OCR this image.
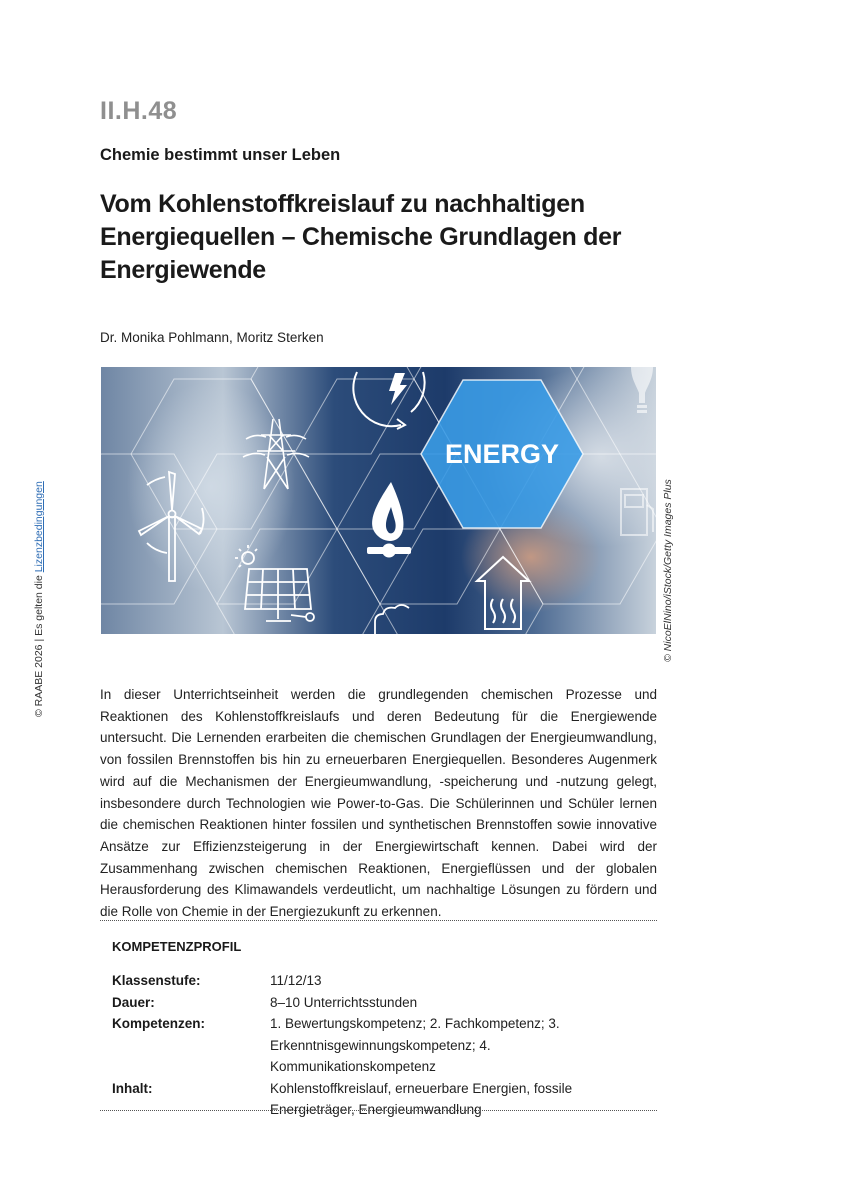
II.H.48
Chemie bestimmt unser Leben
Vom Kohlenstoffkreislauf zu nachhaltigen Energiequellen – Chemische Grundlagen der Energiewende
Dr. Monika Pohlmann, Moritz Sterken
© RAABE 2026 | Es gelten die Lizenzbedingungen
ENERGY
© NicoElNino/iStock/Getty Images Plus

In dieser Unterrichtseinheit werden die grundlegenden chemischen Prozesse und Reaktionen des Kohlenstoffkreislaufs und deren Bedeutung für die Energiewende untersucht. Die Lernenden erarbeiten die chemischen Grundlagen der Energieumwandlung, von fossilen Brennstoffen bis hin zu erneuerbaren Energiequellen. Besonderes Augenmerk wird auf die Mechanismen der Energieumwandlung, -speicherung und -nutzung gelegt, insbesondere durch Technologien wie Power-to-Gas. Die Schülerinnen und Schüler lernen die chemischen Reaktionen hinter fossilen und synthetischen Brennstoffen sowie innovative Ansätze zur Effizienzsteigerung in der Energiewirtschaft kennen. Dabei wird der Zusammenhang zwischen chemischen Reaktionen, Energieflüssen und der globalen Herausforderung des Klimawandels verdeutlicht, um nachhaltige Lösungen zu fördern und die Rolle von Chemie in der Energiezukunft zu erkennen.

KOMPETENZPROFIL
Klassenstufe:	11/12/13
Dauer:	8–10 Unterrichtsstunden
Kompetenzen:	1. Bewertungskompetenz; 2. Fachkompetenz; 3. Erkenntnisgewinnungskompetenz; 4. Kommunikationskompetenz
Inhalt:	Kohlenstoffkreislauf, erneuerbare Energien, fossile Energieträger, Energieumwandlung
